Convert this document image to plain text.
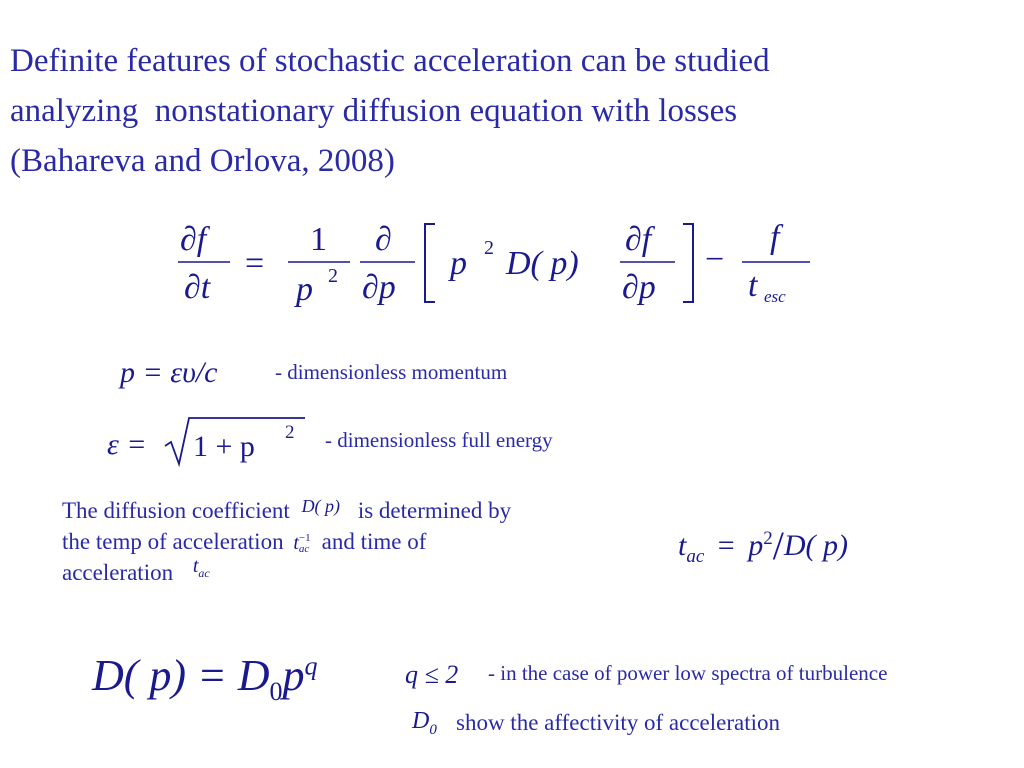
Definite features of stochastic acceleration can be studied
analyzing  nonstationary diffusion equation with losses
(Bahareva and Orlova, 2008)
∂f
∂t
=
1
p 2
∂
∂p
p 2 D( p)
∂f
∂p
−
f
t esc
p = ευ/c	- dimensionless momentum
ε = 1 + p 2 - dimensionless full energy
The diffusion coefficient $^{D( p)}$ is determined by
the temp of acceleration t −1
ac and time of
acceleration $t_{ac}$
$t_{ac} = p^2/D$( p)
D( $p) = D_0p^q$	q ≤ 2 - in the case of power low spectra of turbulence
$D_0$ show the affectivity of acceleration
